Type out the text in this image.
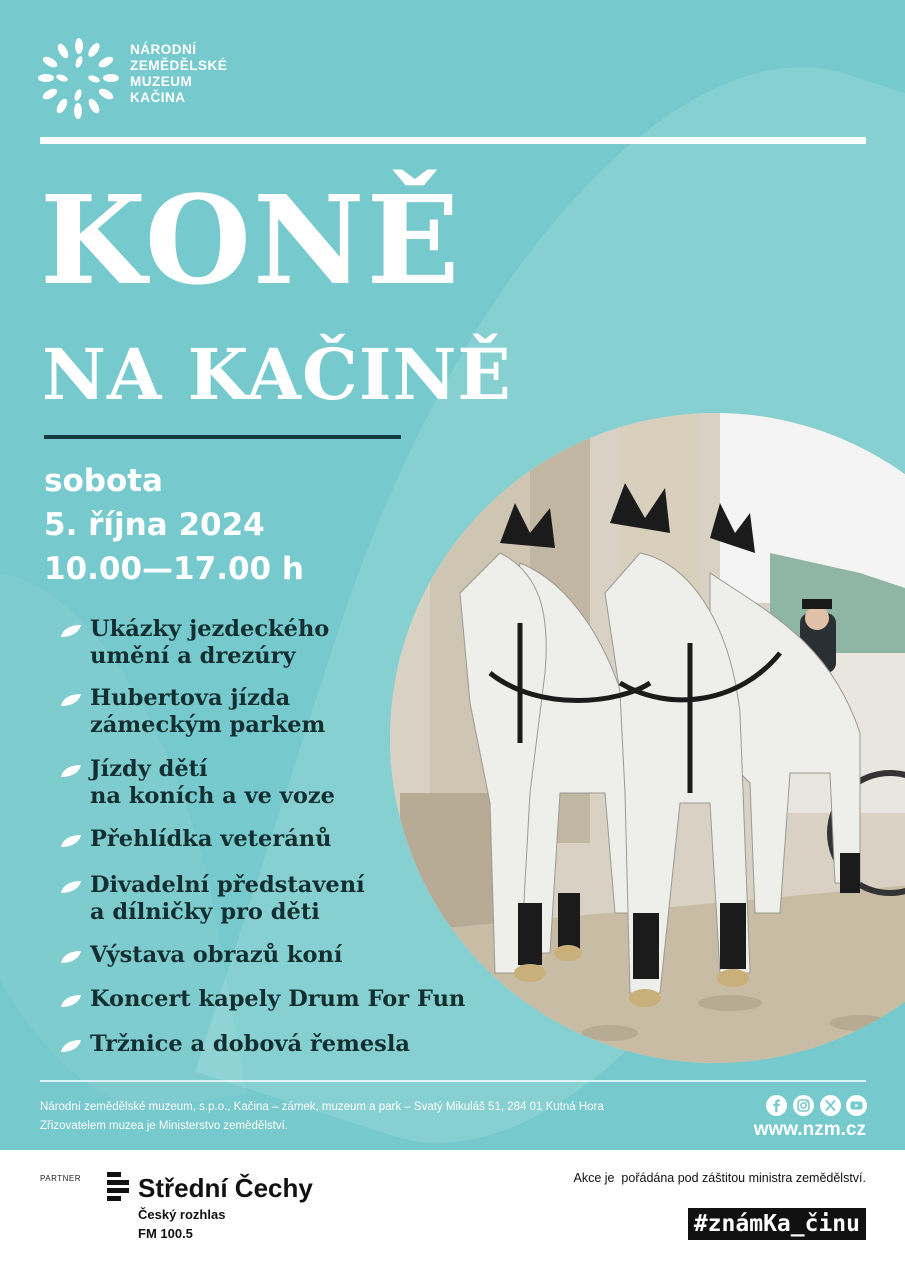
NÁRODNÍ
ZEMĚDĚLSKÉ
MUZEUM
KAČINA
KONĚ
NA KAČINĚ
sobota
5. října 2024
10.00—17.00 h
Ukázky jezdeckého
umění a drezúry
Hubertova jízda
zámeckým parkem
Jízdy dětí
na koních a ve voze
Přehlídka veteránů
Divadelní představení
a dílničky pro děti
Výstava obrazů koní
Koncert kapely Drum For Fun
Tržnice a dobová řemesla
Národní zemědělské muzeum, s.p.o., Kačina – zámek, muzeum a park – Svatý Mikuláš 51, 284 01 Kutná Hora
Zřizovatelem muzea je Ministerstvo zemědělství.	www.nzm.cz
PARTNER Střední Čechy
Český rozhlas
FM 100.5
Akce je  pořádána pod záštitou ministra zemědělství.
#známKa_činu
